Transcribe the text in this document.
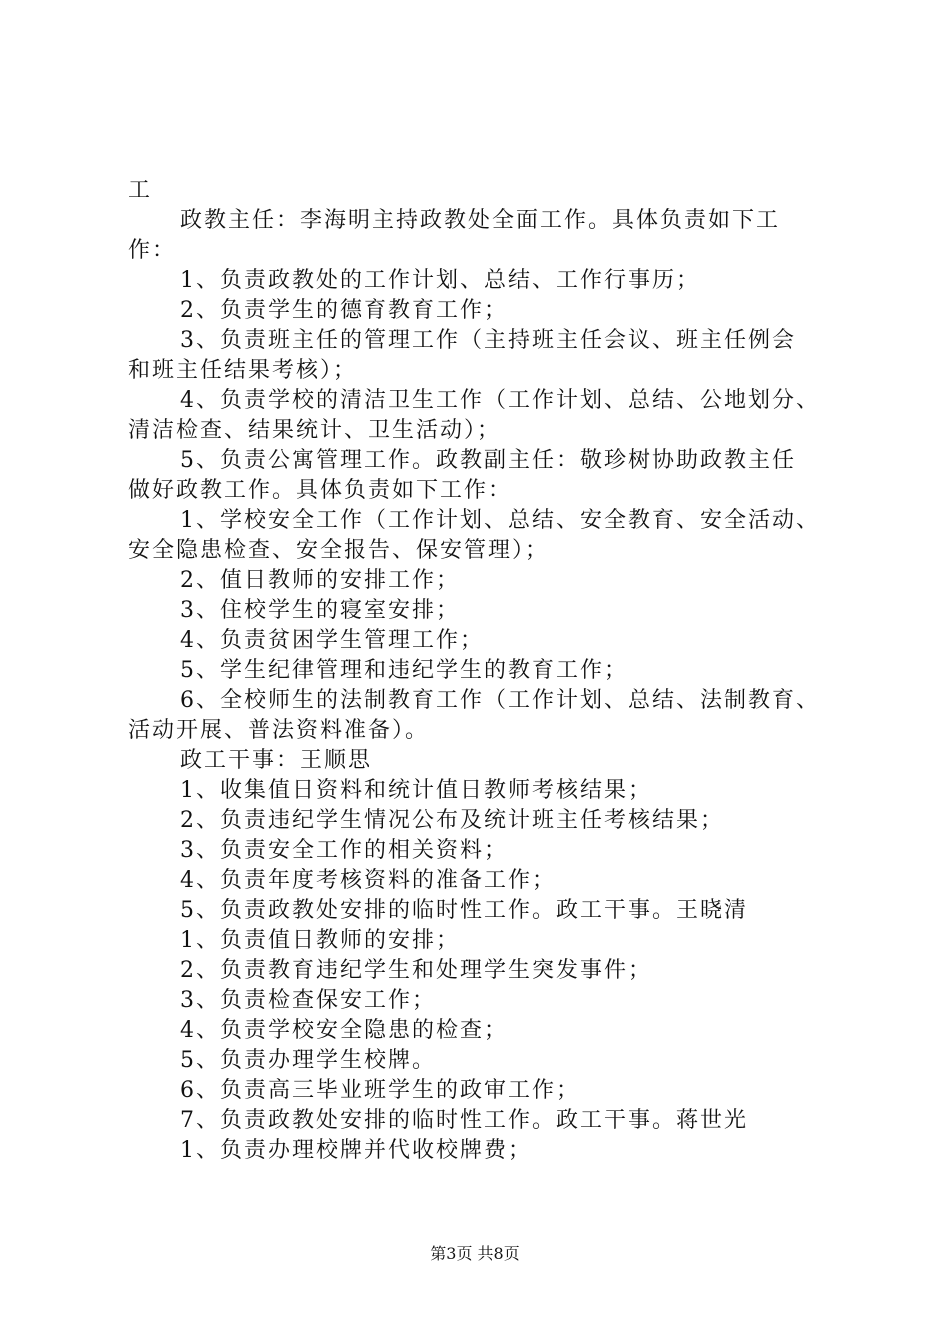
工
政教主任：李海明主持政教处全面工作。具体负责如下工
作：
1、负责政教处的工作计划、总结、工作行事历；
2、负责学生的德育教育工作；
3、负责班主任的管理工作（主持班主任会议、班主任例会
和班主任结果考核）；
4、负责学校的清洁卫生工作（工作计划、总结、公地划分、
清洁检查、结果统计、卫生活动）；
5、负责公寓管理工作。政教副主任：敬珍树协助政教主任
做好政教工作。具体负责如下工作：
1、学校安全工作（工作计划、总结、安全教育、安全活动、
安全隐患检查、安全报告、保安管理）；
2、值日教师的安排工作；
3、住校学生的寝室安排；
4、负责贫困学生管理工作；
5、学生纪律管理和违纪学生的教育工作；
6、全校师生的法制教育工作（工作计划、总结、法制教育、
活动开展、普法资料准备）。
政工干事：王顺思
1、收集值日资料和统计值日教师考核结果；
2、负责违纪学生情况公布及统计班主任考核结果；
3、负责安全工作的相关资料；
4、负责年度考核资料的准备工作；
5、负责政教处安排的临时性工作。政工干事。王晓清
1、负责值日教师的安排；
2、负责教育违纪学生和处理学生突发事件；
3、负责检查保安工作；
4、负责学校安全隐患的检查；
5、负责办理学生校牌。
6、负责高三毕业班学生的政审工作；
7、负责政教处安排的临时性工作。政工干事。蒋世光
1、负责办理校牌并代收校牌费；
第3页 共8页
